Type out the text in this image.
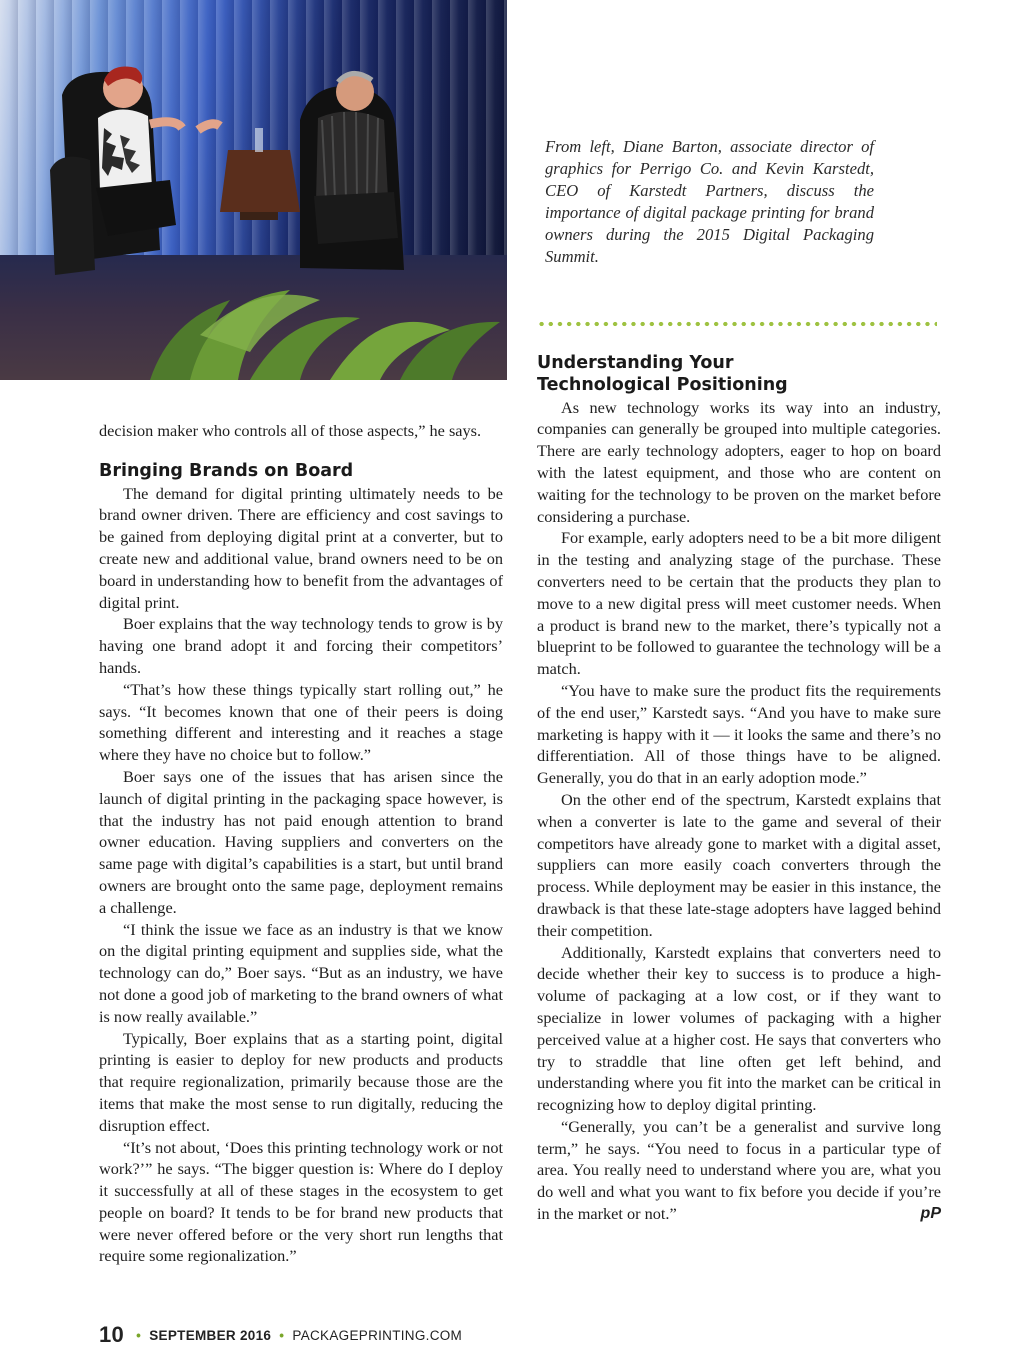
From left, Diane Barton, associate director of graphics for Perrigo Co. and Kevin Karstedt, CEO of Karstedt Partners, discuss the importance of digital package printing for brand owners during the 2015 Digital Packaging Summit.

decision maker who controls all of those aspects,” he says.

Bringing Brands on Board

The demand for digital printing ultimately needs to be brand owner driven. There are efficiency and cost savings to be gained from deploying digital print at a converter, but to create new and additional value, brand owners need to be on board in understanding how to benefit from the advantages of digital print.

Boer explains that the way technology tends to grow is by having one brand adopt it and forcing their competitors’ hands.

“That’s how these things typically start rolling out,” he says. “It becomes known that one of their peers is doing something different and interesting and it reaches a stage where they have no choice but to follow.”

Boer says one of the issues that has arisen since the launch of digital printing in the packaging space however, is that the industry has not paid enough attention to brand owner education. Having suppliers and converters on the same page with digital’s capabilities is a start, but until brand owners are brought onto the same page, deployment remains a challenge.

“I think the issue we face as an industry is that we know on the digital printing equipment and supplies side, what the technology can do,” Boer says. “But as an industry, we have not done a good job of marketing to the brand owners of what is now really available.”

Typically, Boer explains that as a starting point, digital printing is easier to deploy for new products and products that require regionalization, primarily because those are the items that make the most sense to run digitally, reducing the disruption effect.

“It’s not about, ‘Does this printing technology work or not work?’” he says. “The bigger question is: Where do I deploy it successfully at all of these stages in the ecosystem to get people on board? It tends to be for brand new products that were never offered before or the very short run lengths that require some regionalization.”

Understanding Your
Technological Positioning

As new technology works its way into an industry, companies can generally be grouped into multiple categories. There are early technology adopters, eager to hop on board with the latest equipment, and those who are content on waiting for the technology to be proven on the market before considering a purchase.

For example, early adopters need to be a bit more diligent in the testing and analyzing stage of the purchase. These converters need to be certain that the products they plan to move to a new digital press will meet customer needs. When a product is brand new to the market, there’s typically not a blueprint to be followed to guarantee the technology will be a match.

“You have to make sure the product fits the requirements of the end user,” Karstedt says. “And you have to make sure marketing is happy with it — it looks the same and there’s no differentiation. All of those things have to be aligned. Generally, you do that in an early adoption mode.”

On the other end of the spectrum, Karstedt explains that when a converter is late to the game and several of their competitors have already gone to market with a digital asset, suppliers can more easily coach converters through the process. While deployment may be easier in this instance, the drawback is that these late-stage adopters have lagged behind their competition.

Additionally, Karstedt explains that converters need to decide whether their key to success is to produce a high-volume of packaging at a low cost, or if they want to specialize in lower volumes of packaging with a higher perceived value at a higher cost. He says that converters who try to straddle that line often get left behind, and understanding where you fit into the market can be critical in recognizing how to deploy digital printing.

“Generally, you can’t be a generalist and survive long term,” he says. “You need to focus in a particular type of area. You really need to understand where you are, what you do well and what you want to fix before you decide if you’re in the market or not.”	pP

10 • SEPTEMBER 2016 • PACKAGEPRINTING.COM
